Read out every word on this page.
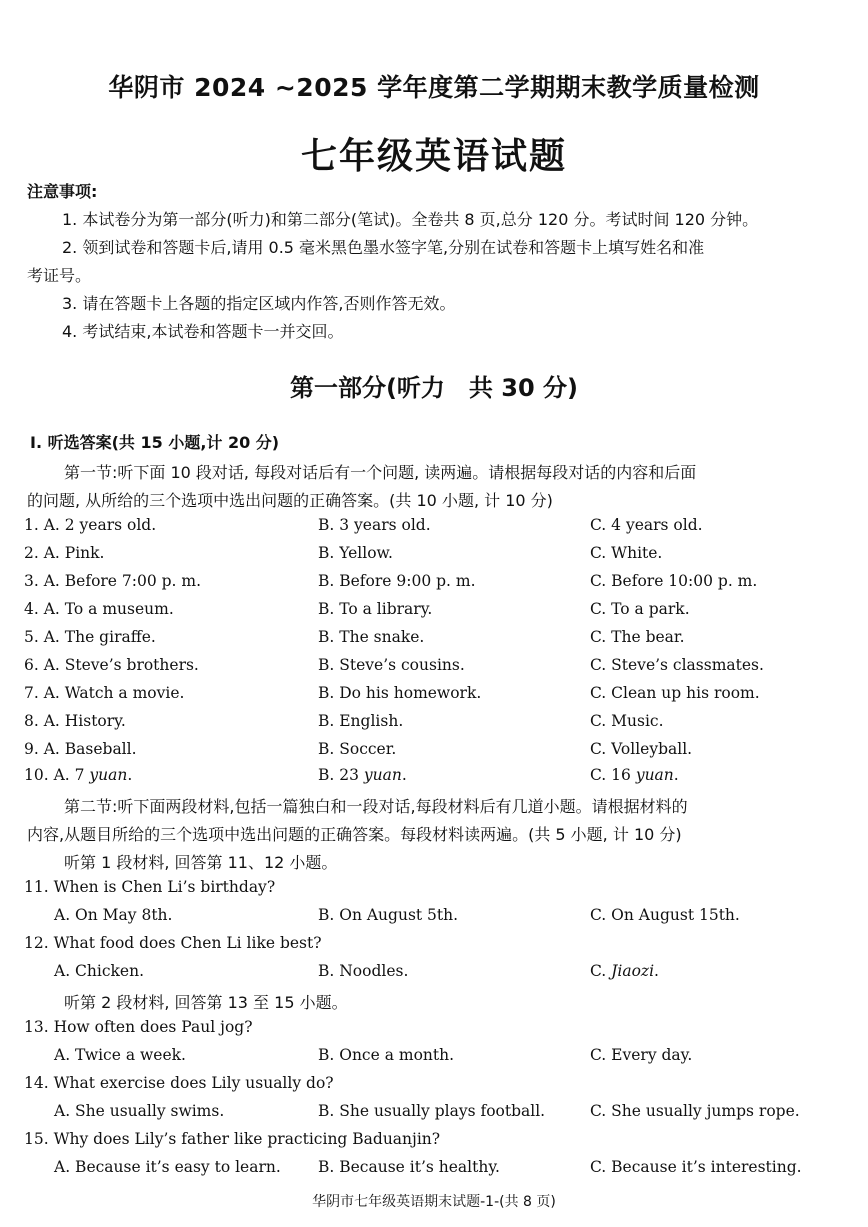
华阴市 2024 ~2025 学年度第二学期期末教学质量检测
七年级英语试题
注意事项:
1. 本试卷分为第一部分(听力)和第二部分(笔试)。全卷共 8 页,总分 120 分。考试时间 120 分钟。
2. 领到试卷和答题卡后,请用 0.5 毫米黑色墨水签字笔,分别在试卷和答题卡上填写姓名和准
考证号。
3. 请在答题卡上各题的指定区域内作答,否则作答无效。
4. 考试结束,本试卷和答题卡一并交回。
第一部分(听力　共 30 分)
Ⅰ. 听选答案(共 15 小题,计 20 分)
第一节:听下面 10 段对话, 每段对话后有一个问题, 读两遍。请根据每段对话的内容和后面
的问题, 从所给的三个选项中选出问题的正确答案。(共 10 小题, 计 10 分)
1. A. 2 years old.	B. 3 years old.	C. 4 years old.
2. A. Pink.	B. Yellow.	C. White.
3. A. Before 7:00 p. m.	B. Before 9:00 p. m.	C. Before 10:00 p. m.
4. A. To a museum.	B. To a library.	C. To a park.
5. A. The giraffe.	B. The snake.	C. The bear.
6. A. Steve’s brothers.	B. Steve’s cousins.	C. Steve’s classmates.
7. A. Watch a movie.	B. Do his homework.	C. Clean up his room.
8. A. History.	B. English.	C. Music.
9. A. Baseball.	B. Soccer.	C. Volleyball.
10. A. 7 yuan.	B. 23 yuan.	C. 16 yuan.
第二节:听下面两段材料,包括一篇独白和一段对话,每段材料后有几道小题。请根据材料的
内容,从题目所给的三个选项中选出问题的正确答案。每段材料读两遍。(共 5 小题, 计 10 分)
听第 1 段材料, 回答第 11、12 小题。
11. When is Chen Li’s birthday?
A. On May 8th.	B. On August 5th.	C. On August 15th.
12. What food does Chen Li like best?
A. Chicken.	B. Noodles.	C. Jiaozi.
听第 2 段材料, 回答第 13 至 15 小题。
13. How often does Paul jog?
A. Twice a week.	B. Once a month.	C. Every day.
14. What exercise does Lily usually do?
A. She usually swims.	B. She usually plays football.	C. She usually jumps rope.
15. Why does Lily’s father like practicing Baduanjin?
A. Because it’s easy to learn. B. Because it’s healthy.	C. Because it’s interesting.
华阴市七年级英语期末试题-1-(共 8 页)
